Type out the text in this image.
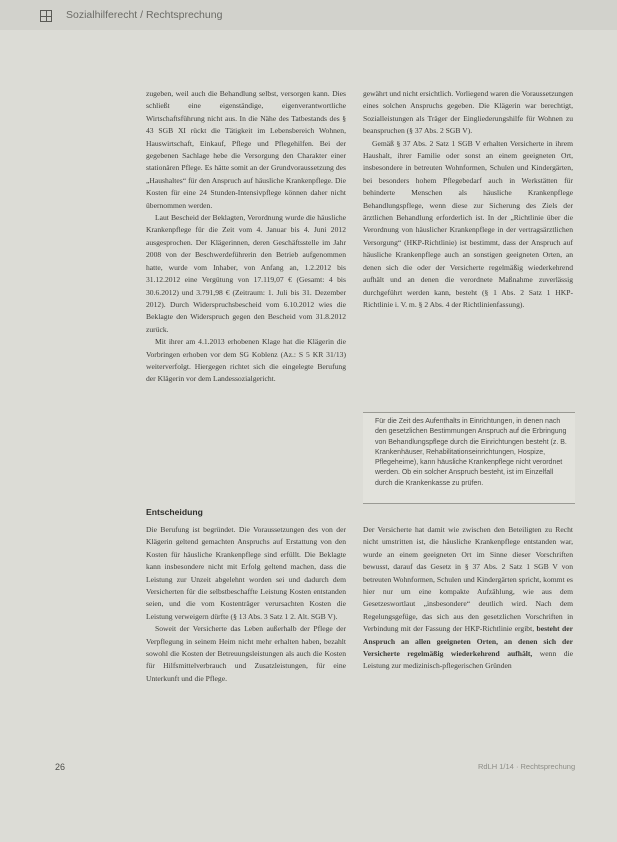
Sozialhilferecht / Rechtsprechung

zugeben, weil auch die Behandlung selbst, versorgen kann. Dies schließt eine eigenständige, eigenverantwortliche Wirtschaftsführung nicht aus. In die Nähe des Tatbestands des § 43 SGB XI rückt die Tätigkeit im Lebensbereich Wohnen, Hauswirtschaft, Einkauf, Pflege und Pflegehilfen. Bei der gegebenen Sachlage hebe die Versorgung den Charakter einer stationären Pflege. Es hätte somit an der Grundvoraussetzung des „Haushaltes“ für den Anspruch auf häusliche Krankenpflege. Die Kosten für eine 24 Stunden-Intensivpflege können daher nicht übernommen werden.

Laut Bescheid der Beklagten, Verordnung wurde die häusliche Krankenpflege für die Zeit vom 4. Januar bis 4. Juni 2012 ausgesprochen. Der Klägerinnen, deren Geschäftsstelle im Jahr 2008 von der Beschwerdeführerin den Betrieb aufgenommen hatte, wurde vom Inhaber, von Anfang an, 1.2.2012 bis 31.12.2012 eine Vergütung von 17.119,07 € (Gesamt: 4 bis 30.6.2012) und 3.791,98 € (Zeitraum: 1. Juli bis 31. Dezember 2012). Durch Widerspruchsbescheid vom 6.10.2012 wies die Beklagte den Widerspruch gegen den Bescheid vom 31.8.2012 zurück.

Mit ihrer am 4.1.2013 erhobenen Klage hat die Klägerin die Vorbringen erhoben vor dem SG Koblenz (Az.: S 5 KR 31/13) weiterverfolgt. Hiergegen richtet sich die eingelegte Berufung der Klägerin vor dem Landessozialgericht.

gewährt und nicht ersichtlich. Vorliegend waren die Voraussetzungen eines solchen Anspruchs gegeben. Die Klägerin war berechtigt, Sozialleistungen als Träger der Eingliederungshilfe für Wohnen zu beanspruchen (§ 37 Abs. 2 SGB V).

Gemäß § 37 Abs. 2 Satz 1 SGB V erhalten Versicherte in ihrem Haushalt, ihrer Familie oder sonst an einem geeigneten Ort, insbesondere in betreuten Wohnformen, Schulen und Kindergärten, bei besonders hohem Pflegebedarf auch in Werkstätten für behinderte Menschen als häusliche Krankenpflege Behandlungspflege, wenn diese zur Sicherung des Ziels der ärztlichen Behandlung erforderlich ist. In der „Richtlinie über die Verordnung von häuslicher Krankenpflege in der vertragsärztlichen Versorgung“ (HKP-Richtlinie) ist bestimmt, dass der Anspruch auf häusliche Krankenpflege auch an sonstigen geeigneten Orten, an denen sich die oder der Versicherte regelmäßig wiederkehrend aufhält und an denen die verordnete Maßnahme zuverlässig durchgeführt werden kann, besteht (§ 1 Abs. 2 Satz 1 HKP-Richtlinie i. V. m. § 2 Abs. 4 der Richtlinienfassung).

Für die Zeit des Aufenthalts in Einrichtungen, in denen nach den gesetzlichen Bestimmungen Anspruch auf die Erbringung von Behandlungspflege durch die Einrichtungen besteht (z. B. Krankenhäuser, Rehabilitationseinrichtungen, Hospize, Pflegeheime), kann häusliche Krankenpflege nicht verordnet werden. Ob ein solcher Anspruch besteht, ist im Einzelfall durch die Krankenkasse zu prüfen.
Entscheidung

Die Berufung ist begründet. Die Voraussetzungen des von der Klägerin geltend gemachten Anspruchs auf Erstattung von den Kosten für häusliche Krankenpflege sind erfüllt. Die Beklagte kann insbesondere nicht mit Erfolg geltend machen, dass die Leistung zur Unzeit abgelehnt worden sei und dadurch dem Versicherten für die selbstbeschaffte Leistung Kosten entstanden seien, und die vom Kostenträger verursachten Kosten die Leistung verweigern dürfte (§ 13 Abs. 3 Satz 1 2. Alt. SGB V).

Soweit der Versicherte das Leben außerhalb der Pflege der Verpflegung in seinem Heim nicht mehr erhalten haben, bezahlt sowohl die Kosten der Betreuungsleistungen als auch die Kosten für Hilfsmittelverbrauch und Zusatzleistungen, für eine Unterkunft und die Pflege.

Der Versicherte hat damit wie zwischen den Beteiligten zu Recht nicht umstritten ist, die häusliche Krankenpflege entstanden war, wurde an einem geeigneten Ort im Sinne dieser Vorschriften bewusst, darauf das Gesetz in § 37 Abs. 2 Satz 1 SGB V von betreuten Wohnformen, Schulen und Kindergärten spricht, kommt es hier nur um eine kompakte Aufzählung, wie aus dem Gesetzeswortlaut „insbesondere“ deutlich wird. Nach dem Regelungsgefüge, das sich aus den gesetzlichen Vorschriften in Verbindung mit der Fassung der HKP-Richtlinie ergibt, besteht der Anspruch an allen geeigneten Orten, an denen sich der Versicherte regelmäßig wiederkehrend aufhält, wenn die Leistung zur medizinisch-pflegerischen Gründen

26	RdLH 1/14 · Rechtsprechung
